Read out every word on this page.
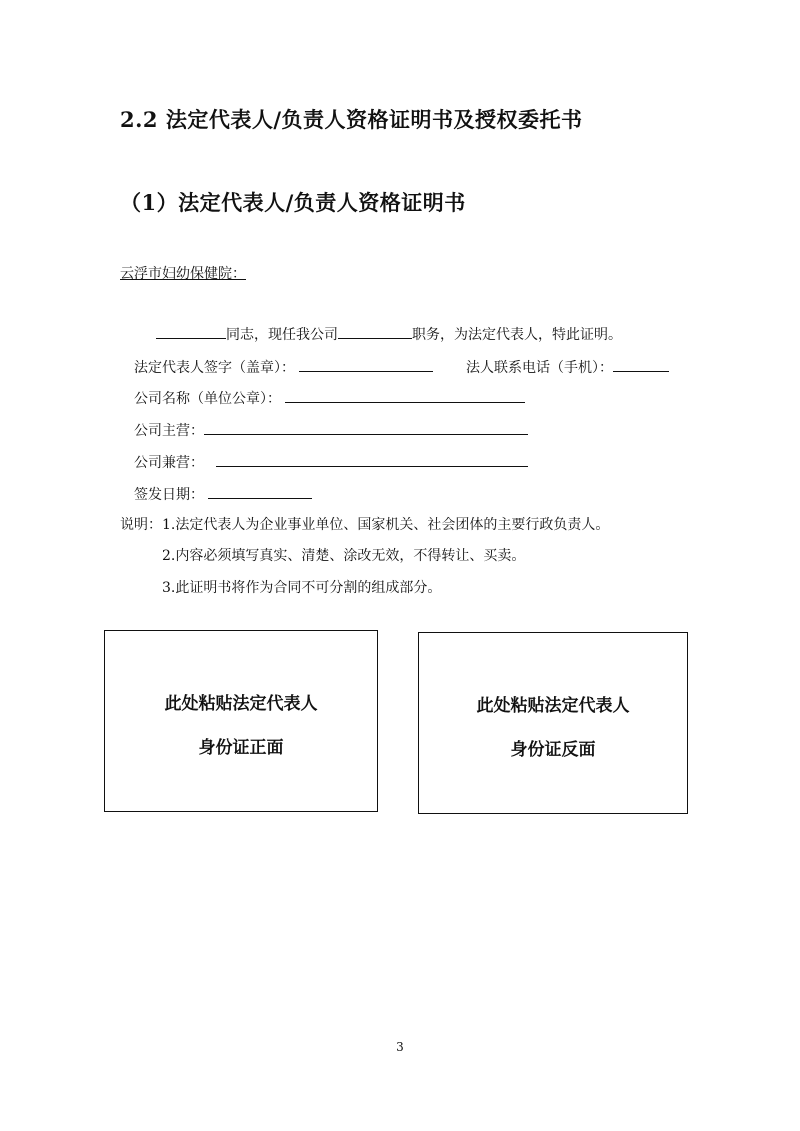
2.2 法定代表人/负责人资格证明书及授权委托书
（1）法定代表人/负责人资格证明书
云浮市妇幼保健院：
同志，现任我公司	职务，为法定代表人，特此证明。
法定代表人签字（盖章）：	法人联系电话（手机）：
公司名称（单位公章）：
公司主营：
公司兼营：
签发日期：
说明：1.法定代表人为企业事业单位、国家机关、社会团体的主要行政负责人。
2.内容必须填写真实、清楚、涂改无效，不得转让、买卖。
3.此证明书将作为合同不可分割的组成部分。
此处粘贴法定代表人
身份证正面
此处粘贴法定代表人
身份证反面
3
